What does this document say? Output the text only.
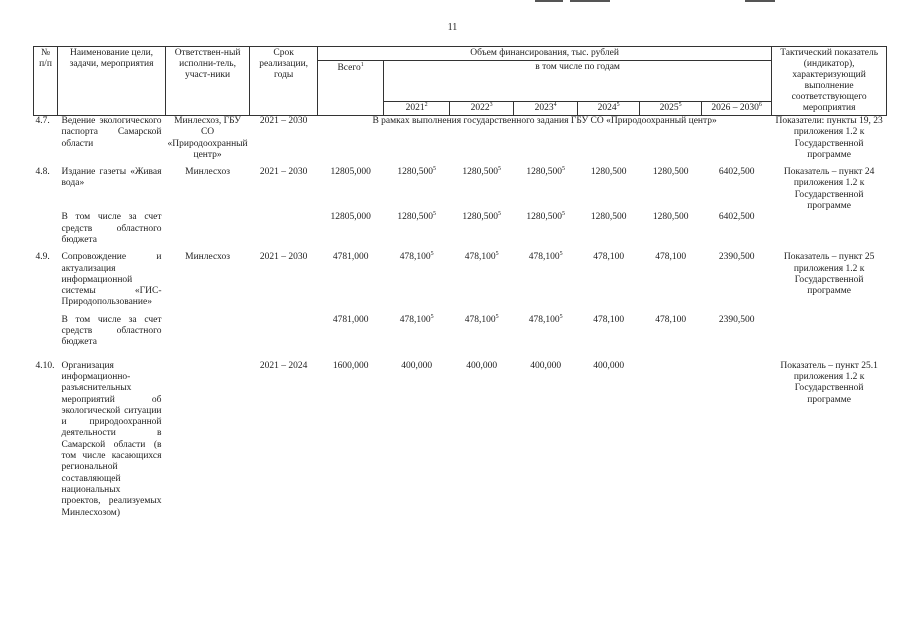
11
№ п/п	Наименование цели, задачи, мероприятия	Ответствен-ный исполни-тель, участ-ники	Срок реализации, годы	Объем финансирования, тыс. рублей							Тактический показатель (индикатор), характеризующий выполнение соответствующего мероприятия
				Всего$^1$	в том числе по годам						
					2021$^2$	2022$^3$	2023$^4$	2024$^5$	2025$^5$	2026 – 2030$^6$
4.7.	Ведение экологического паспорта Самарской области	Минлесхоз, ГБУ СО «Природоохранный центр»	2021 – 2030	В рамках выполнения государственного задания ГБУ СО «Природоохранный центр»							Показатели: пункты 19, 23 приложения 1.2 к Государственной программе

4.8.	Издание газеты «Живая вода»	Минлесхоз	2021 – 2030	12805,000	1280,500$^5$	1280,500$^5$	1280,500$^5$	1280,500	1280,500	6402,500	Показатель – пункт 24 приложения 1.2 к Государственной программе

	В том числе за счет средств областного бюджета			12805,000	1280,500$^5$	1280,500$^5$	1280,500$^5$	1280,500	1280,500	6402,500	

4.9.	Сопровождение и актуализация информационной системы «ГИС-Природопользование»	Минлесхоз	2021 – 2030	4781,000	478,100$^5$	478,100$^5$	478,100$^5$	478,100	478,100	2390,500	Показатель – пункт 25 приложения 1.2 к Государственной программе

	В том числе за счет средств областного бюджета			4781,000	478,100$^5$	478,100$^5$	478,100$^5$	478,100	478,100	2390,500	

4.10.	Организация информационно-разъяснительных мероприятий об экологической ситуации и природоохранной деятельности в Самарской области (в том числе касающихся региональной составляющей национальных проектов, реализуемых Минлесхозом)		2021 – 2024	1600,000	400,000	400,000	400,000	400,000			Показатель – пункт 25.1 приложения 1.2 к Государственной программе
